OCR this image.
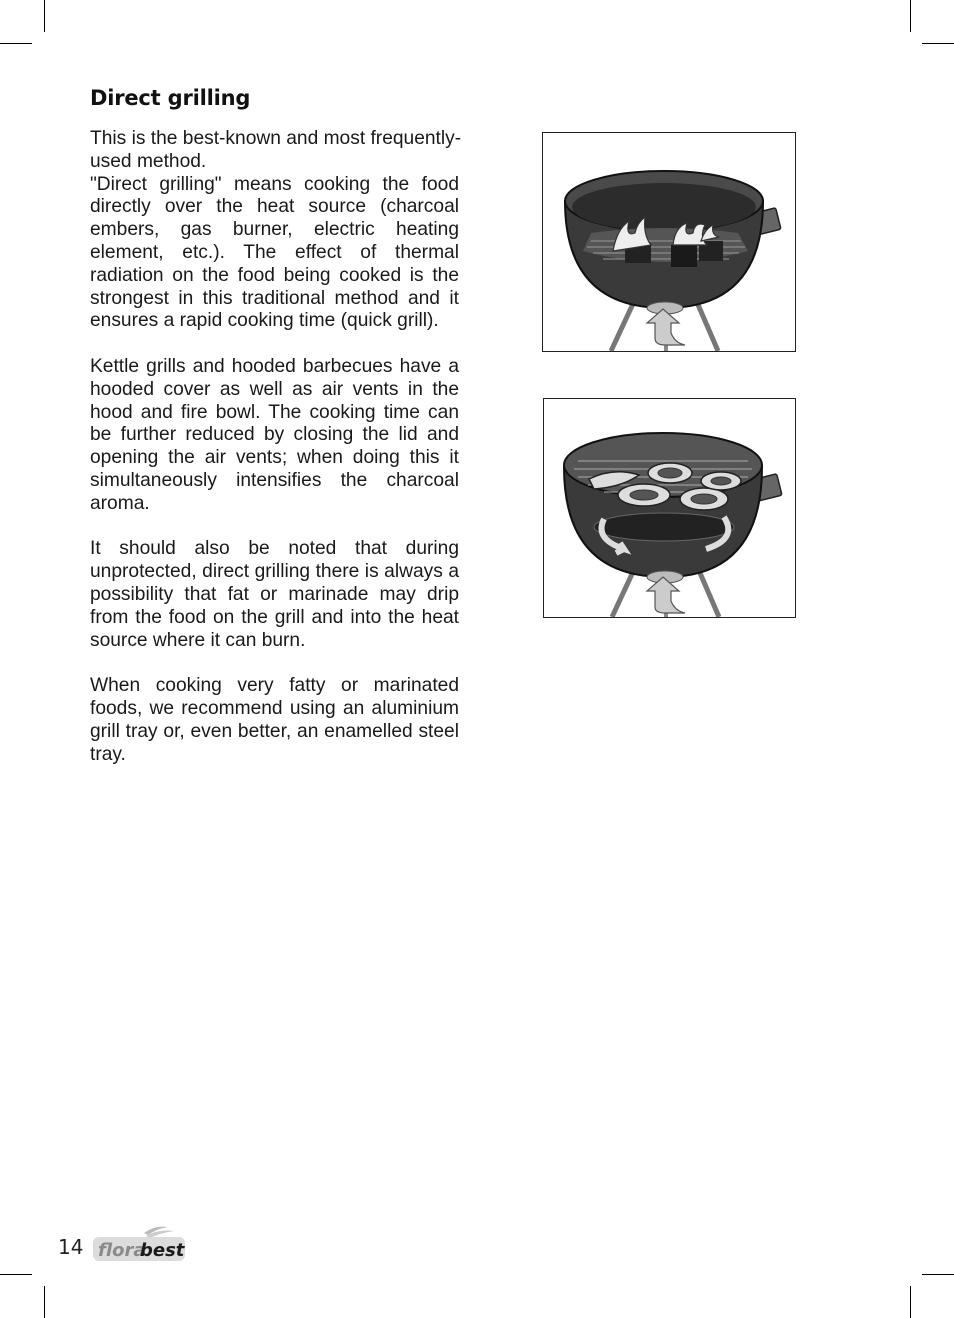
Direct grilling

This is the best-known and most frequently-
used method.
"Direct grilling" means cooking the food directly over the heat source (charcoal embers, gas burner, electric heating element, etc.). The effect of thermal radiation on the food being cooked is the strongest in this traditional method and it ensures a rapid cooking time (quick grill).

Kettle grills and hooded barbecues have a hooded cover as well as air vents in the hood and fire bowl. The cooking time can be further reduced by closing the lid and opening the air vents; when doing this it simultaneously intensifies the charcoal aroma.

It should also be noted that during unprotected, direct grilling there is always a possibility that fat or marinade may drip from the food on the grill and into the heat source where it can burn.

When cooking very fatty or marinated foods, we recommend using an aluminium grill tray or, even better, an enamelled steel tray.

14 flora
best
